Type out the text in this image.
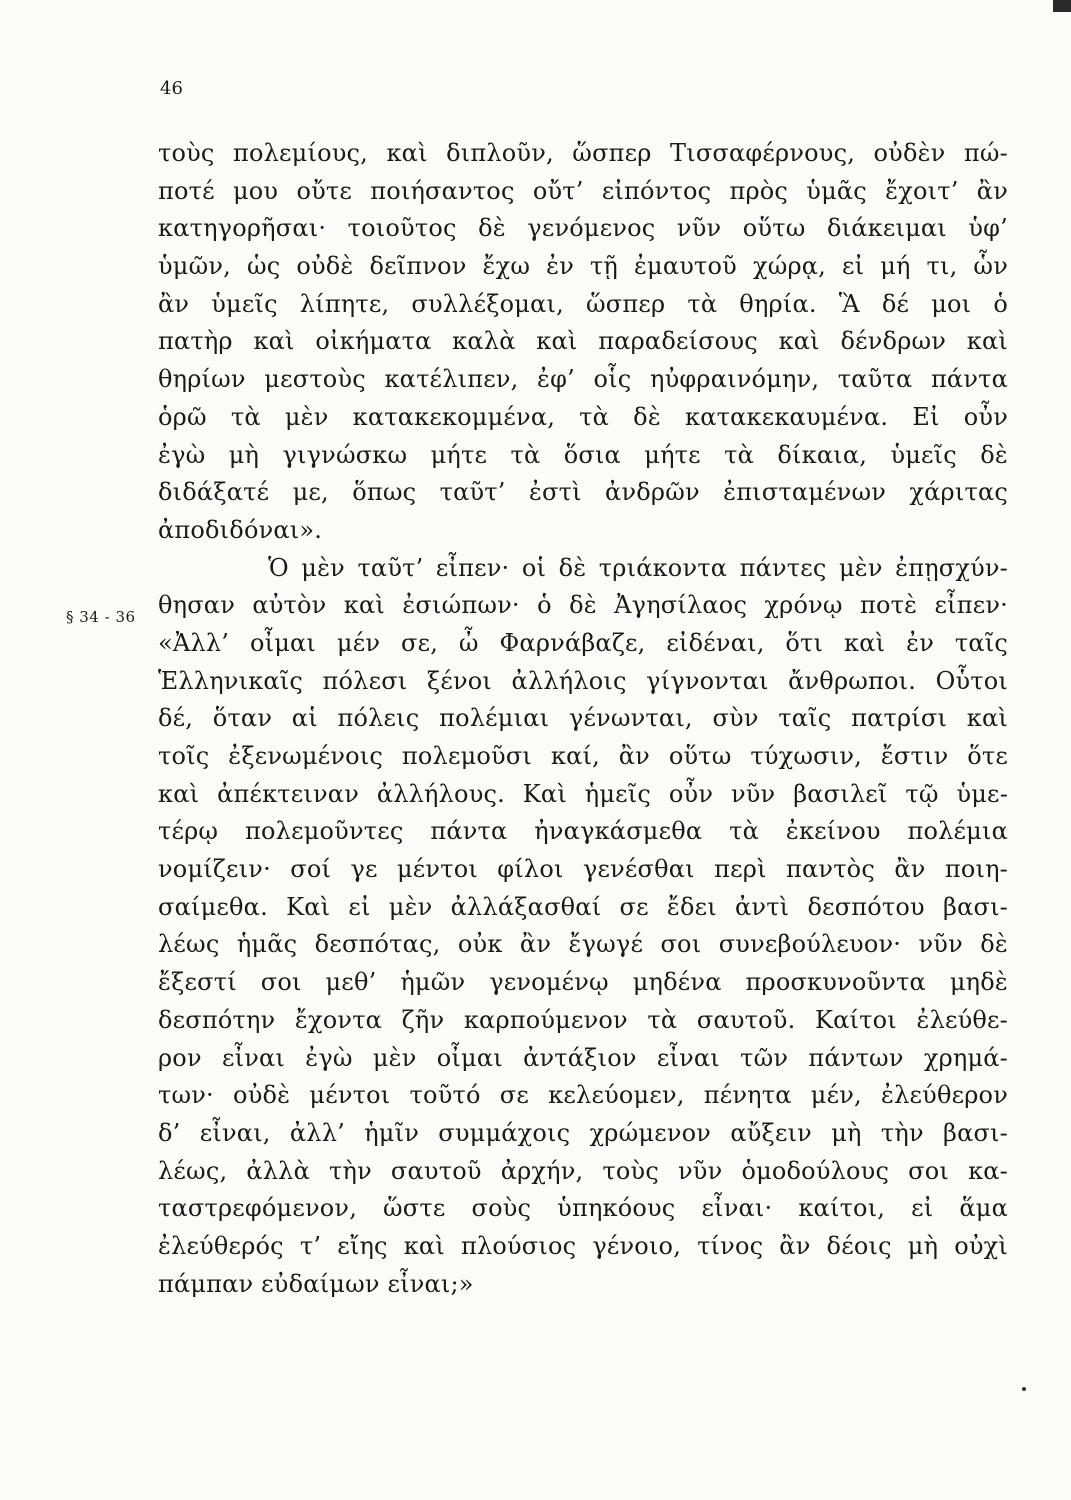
46
§ 34 - 36
τοὺς πολεμίους, καὶ διπλοῦν, ὥσπερ Τισσαφέρνους, οὐδὲν πώ-
ποτέ μου οὔτε ποιήσαντος οὔτ’ εἰπόντος πρὸς ὑμᾶς ἔχοιτ’ ἂν
κατηγορῆσαι· τοιοῦτος δὲ γενόμενος νῦν οὕτω διάκειμαι ὑφ’
ὑμῶν, ὡς οὐδὲ δεῖπνον ἔχω ἐν τῇ ἐμαυτοῦ χώρᾳ, εἰ μή τι, ὧν
ἂν ὑμεῖς λίπητε, συλλέξομαι, ὥσπερ τὰ θηρία. Ἃ δέ μοι ὁ
πατὴρ καὶ οἰκήματα καλὰ καὶ παραδείσους καὶ δένδρων καὶ
θηρίων μεστοὺς κατέλιπεν, ἐφ’ οἷς ηὐφραινόμην, ταῦτα πάντα
ὁρῶ τὰ μὲν κατακεκομμένα, τὰ δὲ κατακεκαυμένα. Εἰ οὖν
ἐγὼ μὴ γιγνώσκω μήτε τὰ ὅσια μήτε τὰ δίκαια, ὑμεῖς δὲ
διδάξατέ με, ὅπως ταῦτ’ ἐστὶ ἀνδρῶν ἐπισταμένων χάριτας
ἀποδιδόναι».
Ὁ μὲν ταῦτ’ εἶπεν· οἱ δὲ τριάκοντα πάντες μὲν ἐπῃσχύν-
θησαν αὐτὸν καὶ ἐσιώπων· ὁ δὲ Ἀγησίλαος χρόνῳ ποτὲ εἶπεν·
«Ἀλλ’ οἶμαι μέν σε, ὦ Φαρνάβαζε, εἰδέναι, ὅτι καὶ ἐν ταῖς
Ἑλληνικαῖς πόλεσι ξένοι ἀλλήλοις γίγνονται ἄνθρωποι. Οὗτοι
δέ, ὅταν αἱ πόλεις πολέμιαι γένωνται, σὺν ταῖς πατρίσι καὶ
τοῖς ἐξενωμένοις πολεμοῦσι καί, ἂν οὕτω τύχωσιν, ἔστιν ὅτε
καὶ ἀπέκτειναν ἀλλήλους. Καὶ ἡμεῖς οὖν νῦν βασιλεῖ τῷ ὑμε-
τέρῳ πολεμοῦντες πάντα ἠναγκάσμεθα τὰ ἐκείνου πολέμια
νομίζειν· σοί γε μέντοι φίλοι γενέσθαι περὶ παντὸς ἂν ποιη-
σαίμεθα. Καὶ εἰ μὲν ἀλλάξασθαί σε ἔδει ἀντὶ δεσπότου βασι-
λέως ἡμᾶς δεσπότας, οὐκ ἂν ἔγωγέ σοι συνεβούλευον· νῦν δὲ
ἔξεστί σοι μεθ’ ἡμῶν γενομένῳ μηδένα προσκυνοῦντα μηδὲ
δεσπότην ἔχοντα ζῆν καρπούμενον τὰ σαυτοῦ. Καίτοι ἐλεύθε-
ρον εἶναι ἐγὼ μὲν οἶμαι ἀντάξιον εἶναι τῶν πάντων χρημά-
των· οὐδὲ μέντοι τοῦτό σε κελεύομεν, πένητα μέν, ἐλεύθερον
δ’ εἶναι, ἀλλ’ ἡμῖν συμμάχοις χρώμενον αὔξειν μὴ τὴν βασι-
λέως, ἀλλὰ τὴν σαυτοῦ ἀρχήν, τοὺς νῦν ὁμοδούλους σοι κα-
ταστρεφόμενον, ὥστε σοὺς ὑπηκόους εἶναι· καίτοι, εἰ ἅμα
ἐλεύθερός τ’ εἴης καὶ πλούσιος γένοιο, τίνος ἂν δέοις μὴ οὐχὶ
πάμπαν εὐδαίμων εἶναι;»
